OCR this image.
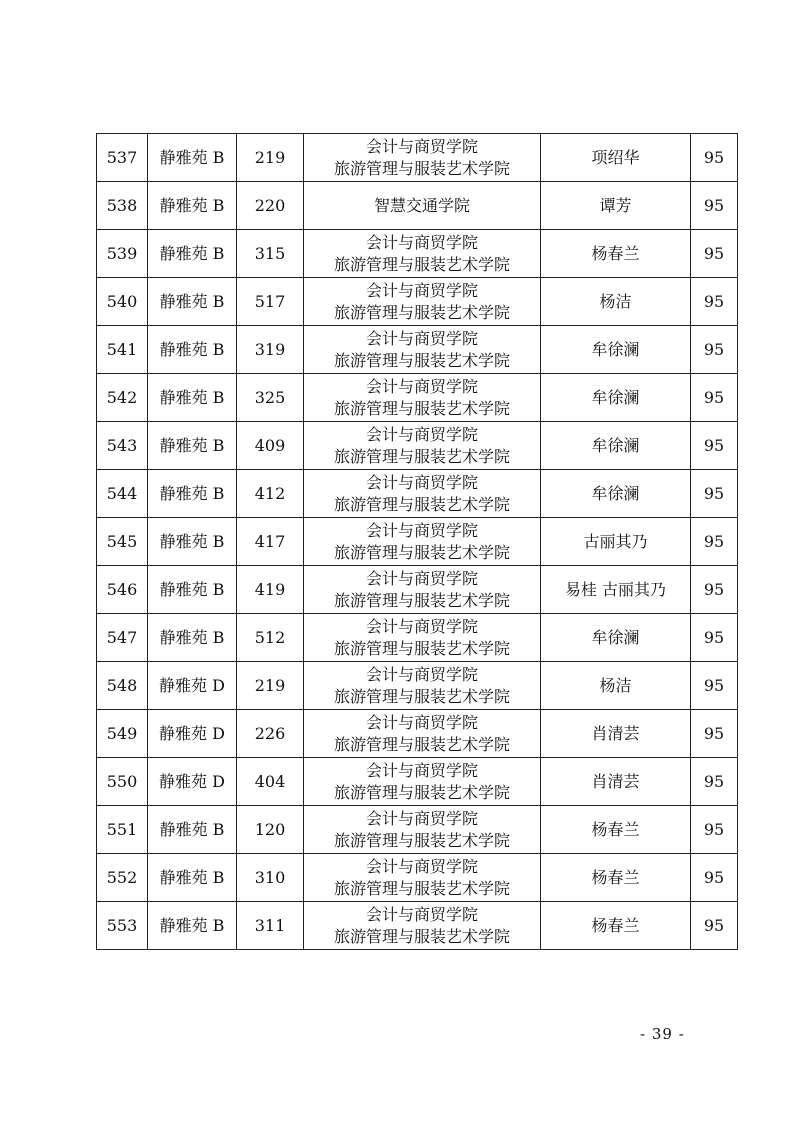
537	静雅苑 B	219	会计与商贸学院
旅游管理与服装艺术学院	项绍华	95
538	静雅苑 B	220	智慧交通学院	谭芳	95
539	静雅苑 B	315	会计与商贸学院
旅游管理与服装艺术学院	杨春兰	95
540	静雅苑 B	517	会计与商贸学院
旅游管理与服装艺术学院	杨洁	95
541	静雅苑 B	319	会计与商贸学院
旅游管理与服装艺术学院	牟徐澜	95
542	静雅苑 B	325	会计与商贸学院
旅游管理与服装艺术学院	牟徐澜	95
543	静雅苑 B	409	会计与商贸学院
旅游管理与服装艺术学院	牟徐澜	95
544	静雅苑 B	412	会计与商贸学院
旅游管理与服装艺术学院	牟徐澜	95
545	静雅苑 B	417	会计与商贸学院
旅游管理与服装艺术学院	古丽其乃	95
546	静雅苑 B	419	会计与商贸学院
旅游管理与服装艺术学院	易桂 古丽其乃	95
547	静雅苑 B	512	会计与商贸学院
旅游管理与服装艺术学院	牟徐澜	95
548	静雅苑 D	219	会计与商贸学院
旅游管理与服装艺术学院	杨洁	95
549	静雅苑 D	226	会计与商贸学院
旅游管理与服装艺术学院	肖清芸	95
550	静雅苑 D	404	会计与商贸学院
旅游管理与服装艺术学院	肖清芸	95
551	静雅苑 B	120	会计与商贸学院
旅游管理与服装艺术学院	杨春兰	95
552	静雅苑 B	310	会计与商贸学院
旅游管理与服装艺术学院	杨春兰	95
553	静雅苑 B	311	会计与商贸学院
旅游管理与服装艺术学院	杨春兰	95
- 39 -
